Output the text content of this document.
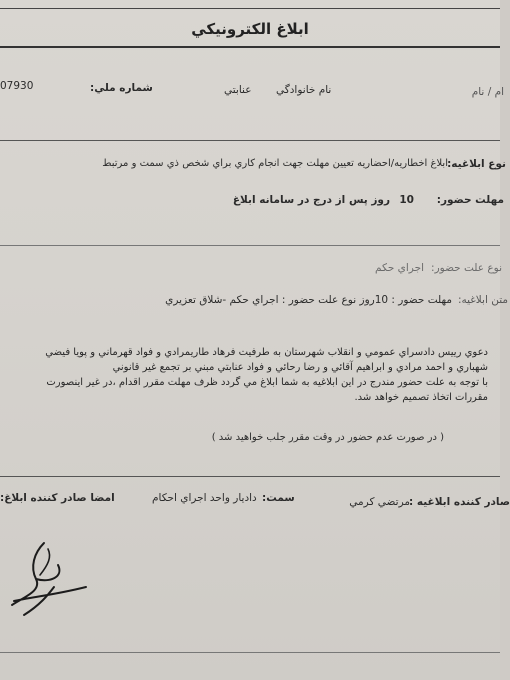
ابلاغ الكترونيكي
07930	شماره ملي:	عنابتي نام خانوادگي	ام / نام
نوع ابلاغيه:
ابلاغ اخطاريه/احضاريه تعيين مهلت جهت انجام كاري براي شخص ذي سمت و مرتبط
مهلت حضور:
10
روز پس از درج در سامانه ابلاغ
نوع علت حضور:
اجراي حكم
متن ابلاغيه:
مهلت حضور : 10روز نوع علت حضور : اجراي حكم -شلاق تعزيري
دعوي رييس دادسراي عمومي و انقلاب شهرستان به طرفيت فرهاد طاريمرادي و فواد قهرماني و پويا فيضي
شهباري و احمد مرادي و ابراهيم آقائي و رضا رحائي و فواد عنابتي مبني بر تجمع غير قانوني
با توجه به علت حضور مندرج در اين ابلاغيه به شما ابلاغ مي گردد ظرف مهلت مقرر اقدام ،در غير اينصورت
مقررات اتخاذ تصميم خواهد شد.
( در صورت عدم حضور در وقت مقرر جلب خواهيد شد )
صادر كننده ابلاغيه :
مرتضي كرمي
سمت:
دادیار واحد اجراي احكام
امضا صادر كننده ابلاغ:
